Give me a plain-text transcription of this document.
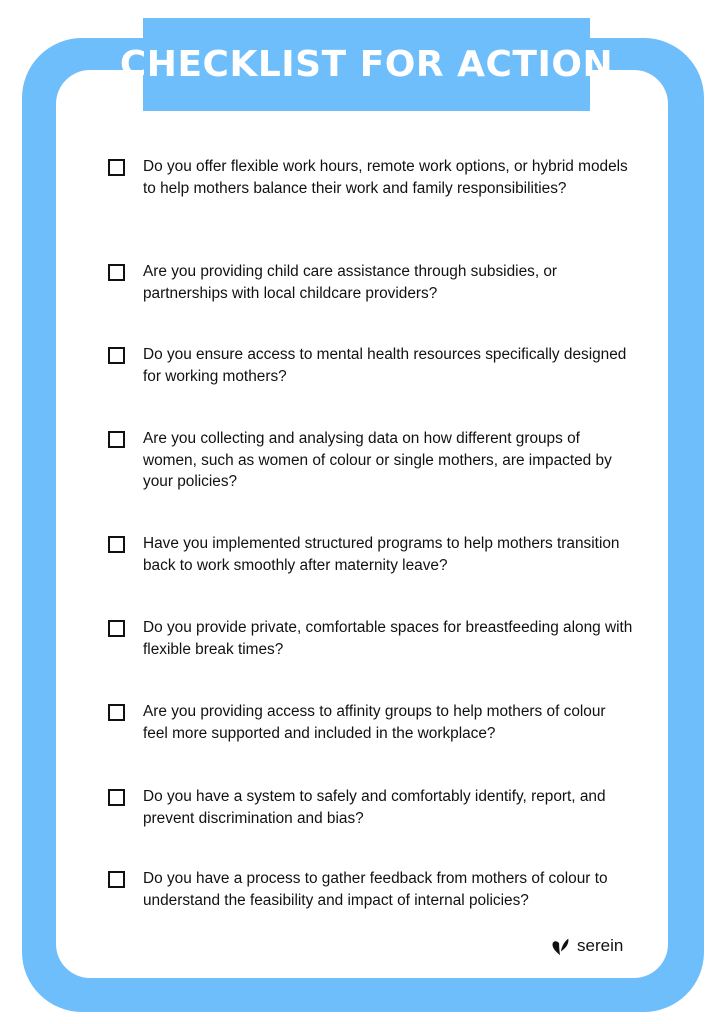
CHECKLIST FOR ACTION
Do you offer flexible work hours, remote work options, or hybrid models to help mothers balance their work and family responsibilities?
Are you providing child care assistance through subsidies, or partnerships with local childcare providers?
Do you ensure access to mental health resources specifically designed for working mothers?
Are you collecting and analysing data on how different groups of women, such as women of colour or single mothers, are impacted by your policies?
Have you implemented structured programs to help mothers transition back to work smoothly after maternity leave?
Do you provide private, comfortable spaces for breastfeeding along with flexible break times?
Are you providing access to affinity groups to help mothers of colour feel more supported and included in the workplace?
Do you have a system to safely and comfortably identify, report, and prevent discrimination and bias?
Do you have a process to gather feedback from mothers of colour to understand the feasibility and impact of internal policies?
serein
